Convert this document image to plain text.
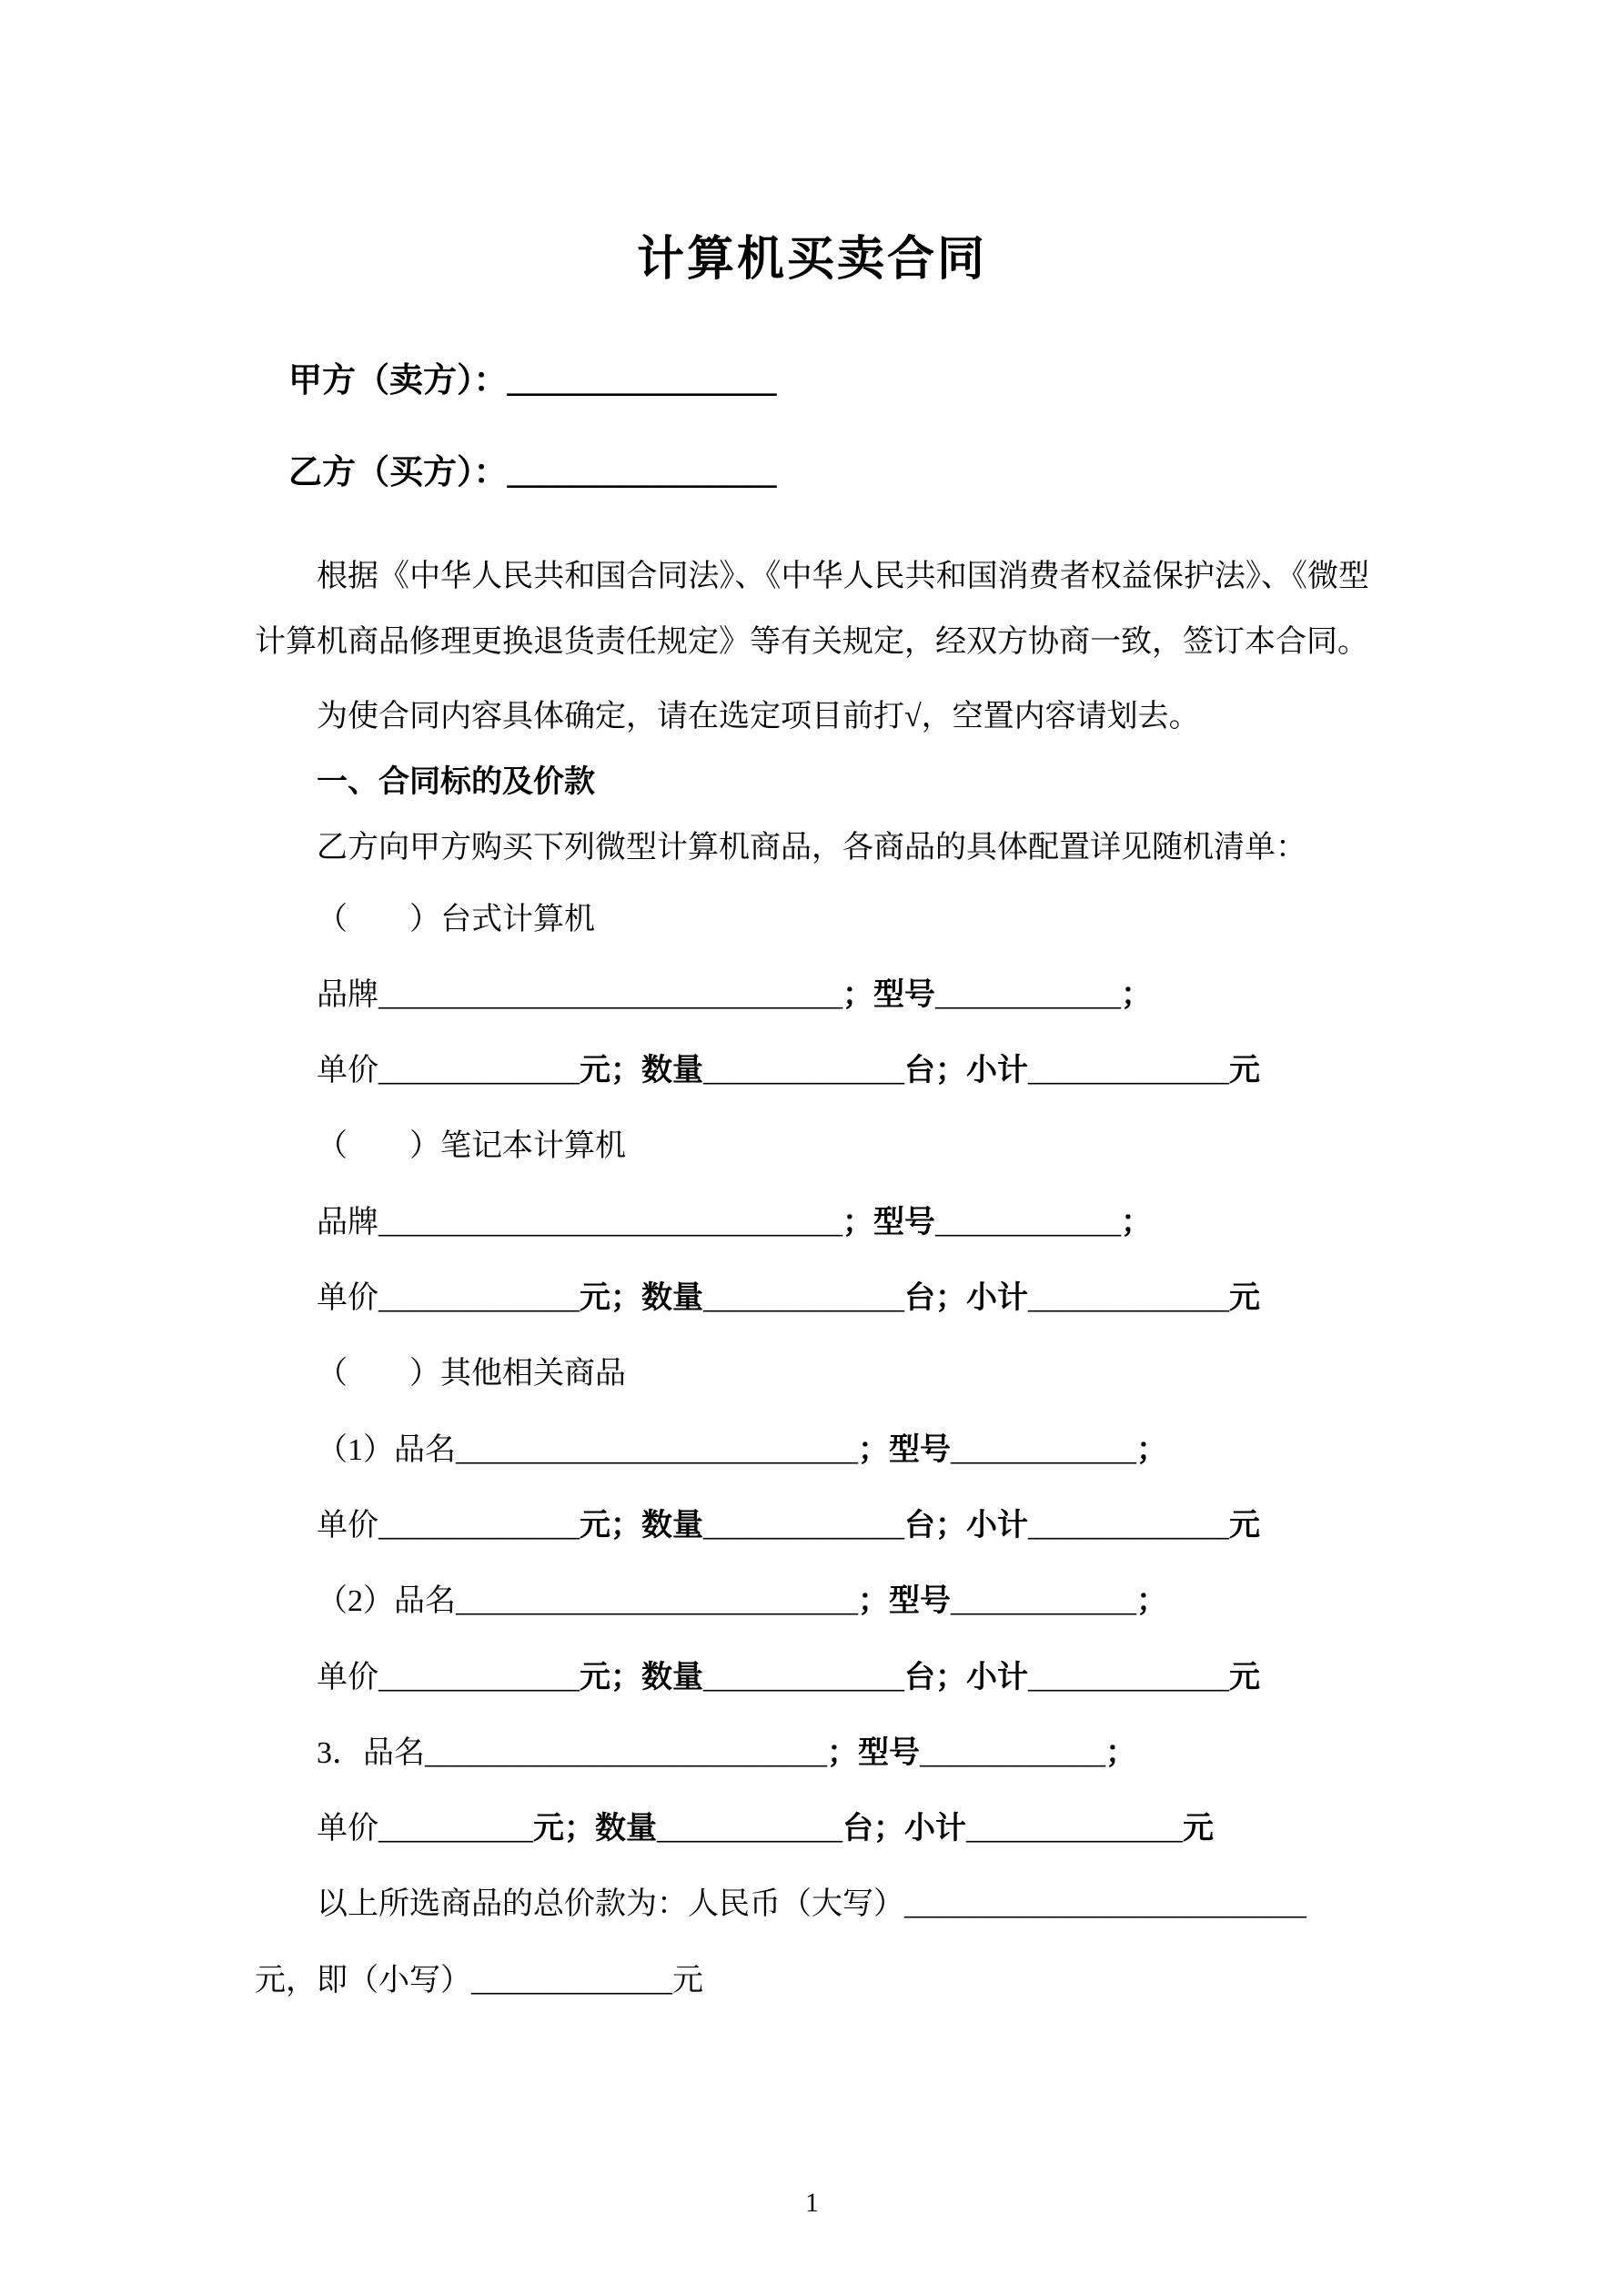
计算机买卖合同
甲方（卖方）：________________
乙方（买方）：________________

根据《中华人民共和国合同法》、《中华人民共和国消费者权益保护法》、《微型计算机商品修理更换退货责任规定》等有关规定，经双方协商一致，签订本合同。

为使合同内容具体确定，请在选定项目前打√，空置内容请划去。

一、合同标的及价款

乙方向甲方购买下列微型计算机商品，各商品的具体配置详见随机清单：

（　　）台式计算机
品牌______________________________；型号____________；
单价_____________元；数量_____________台；小计_____________元
（　　）笔记本计算机
品牌______________________________；型号____________；
单价_____________元；数量_____________台；小计_____________元
（　　）其他相关商品
（1）品名__________________________；型号____________；
单价_____________元；数量_____________台；小计_____________元
（2）品名__________________________；型号____________；
单价_____________元；数量_____________台；小计_____________元
3．品名__________________________；型号____________；
单价__________元；数量____________台；小计______________元
以上所选商品的总价款为：人民币（大写）__________________________
元，即（小写）_____________元
1
